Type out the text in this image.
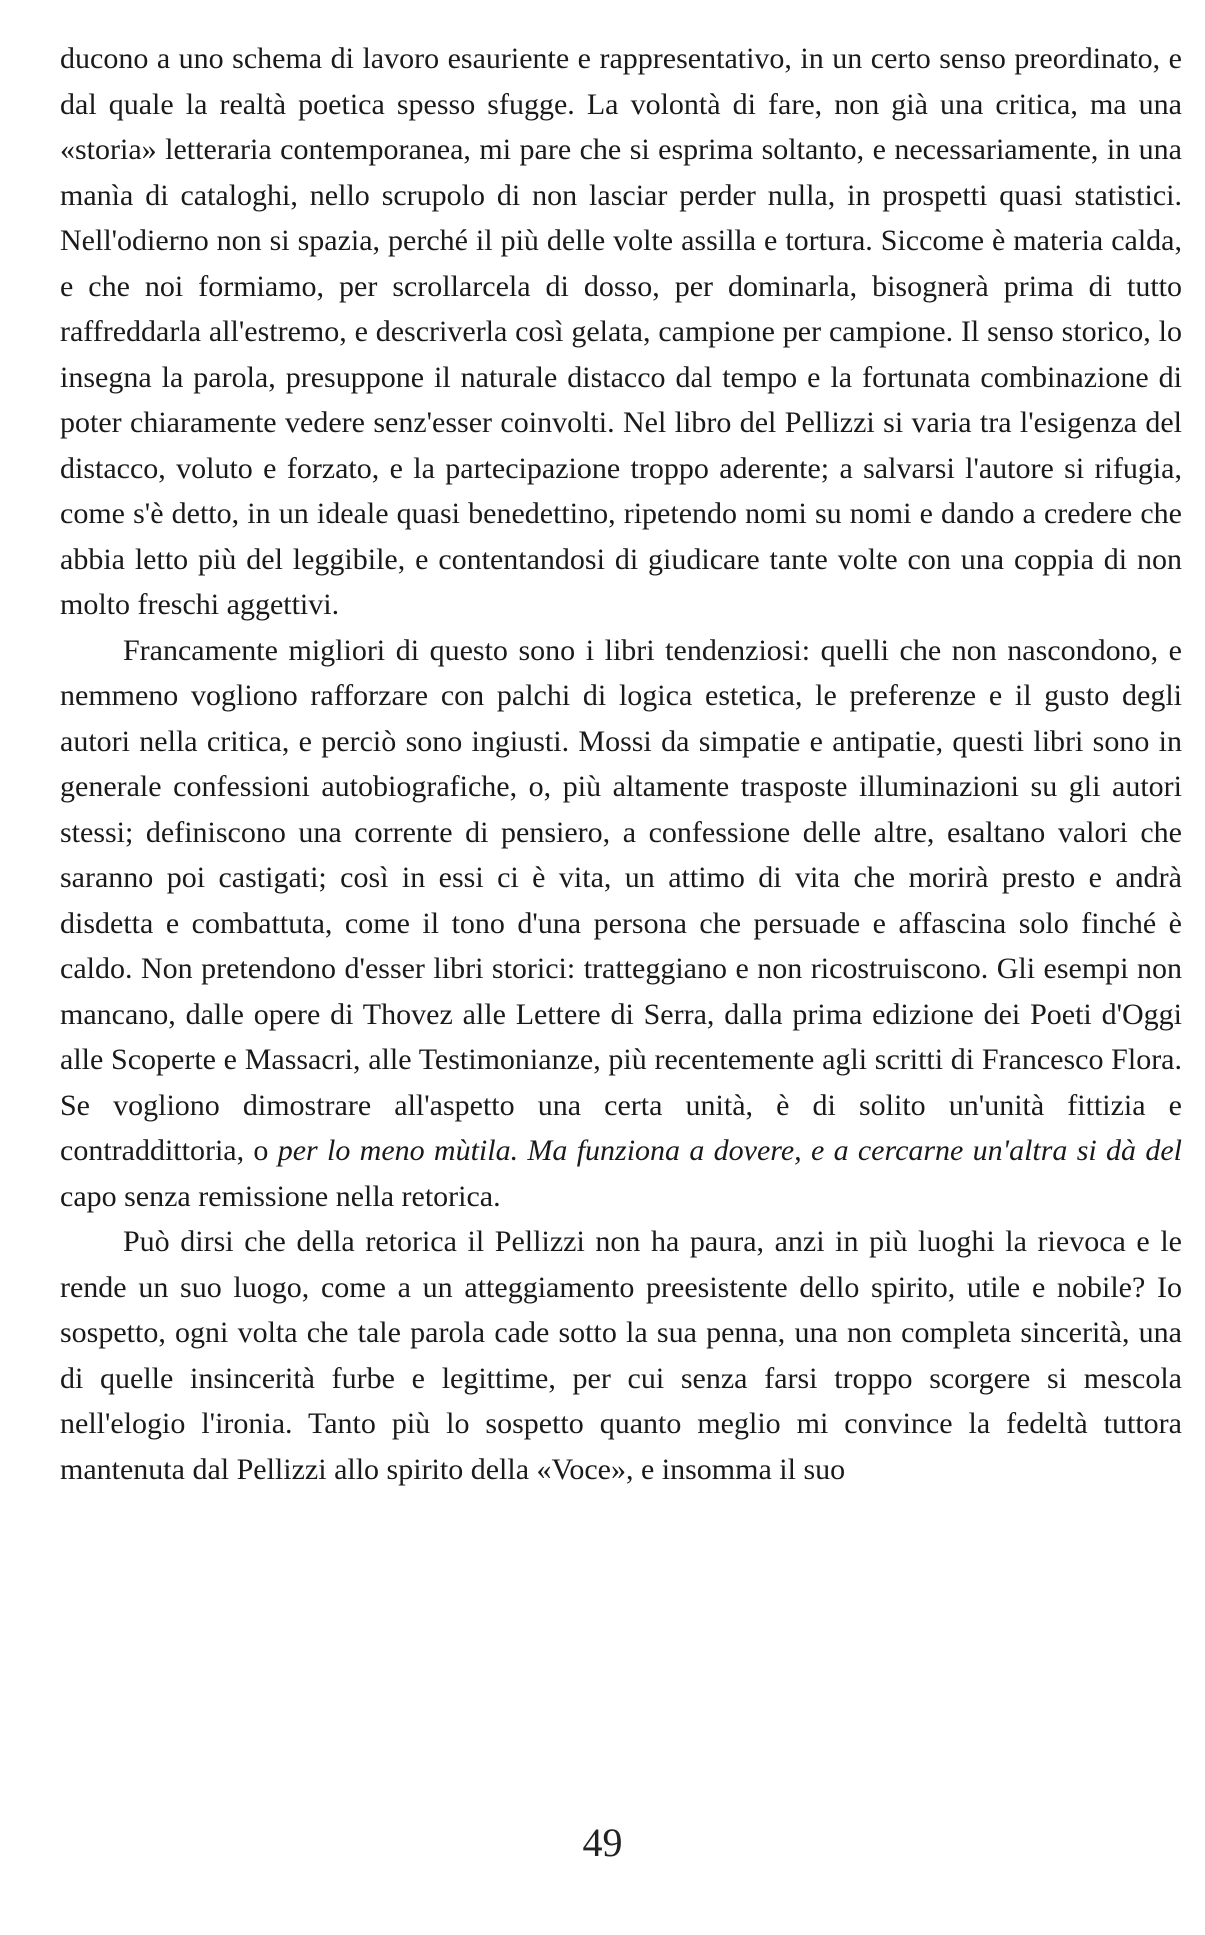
ducono a uno schema di lavoro esauriente e rappresentativo, in un certo senso preordinato, e dal quale la realtà poetica spesso sfugge. La volontà di fare, non già una critica, ma una «storia» letteraria contemporanea, mi pare che si esprima soltanto, e necessariamente, in una manìa di cataloghi, nello scrupolo di non lasciar perder nulla, in prospetti quasi statistici. Nell'odierno non si spazia, perché il più delle volte assilla e tortura. Siccome è materia calda, e che noi formiamo, per scrollarcela di dosso, per dominarla, bisognerà prima di tutto raffreddarla all'estremo, e descriverla così gelata, campione per campione. Il senso storico, lo insegna la parola, presuppone il naturale distacco dal tempo e la fortunata combinazione di poter chiaramente vedere senz'esser coinvolti. Nel libro del Pellizzi si varia tra l'esigenza del distacco, voluto e forzato, e la partecipazione troppo aderente; a salvarsi l'autore si rifugia, come s'è detto, in un ideale quasi benedettino, ripetendo nomi su nomi e dando a credere che abbia letto più del leggibile, e contentandosi di giudicare tante volte con una coppia di non molto freschi aggettivi.

Francamente migliori di questo sono i libri tendenziosi: quelli che non nascondono, e nemmeno vogliono rafforzare con palchi di logica estetica, le preferenze e il gusto degli autori nella critica, e perciò sono ingiusti. Mossi da simpatie e antipatie, questi libri sono in generale confessioni autobiografiche, o, più altamente trasposte illuminazioni su gli autori stessi; definiscono una corrente di pensiero, a confessione delle altre, esaltano valori che saranno poi castigati; così in essi ci è vita, un attimo di vita che morirà presto e andrà disdetta e combattuta, come il tono d'una persona che persuade e affascina solo finché è caldo. Non pretendono d'esser libri storici: tratteggiano e non ricostruiscono. Gli esempi non mancano, dalle opere di Thovez alle Lettere di Serra, dalla prima edizione dei Poeti d'Oggi alle Scoperte e Massacri, alle Testimonianze, più recentemente agli scritti di Francesco Flora. Se vogliono dimostrare all'aspetto una certa unità, è di solito un'unità fittizia e contraddittoria, o per lo meno mùtila. Ma funziona a dovere, e a cercarne un'altra si dà del capo senza remissione nella retorica.

Può dirsi che della retorica il Pellizzi non ha paura, anzi in più luoghi la rievoca e le rende un suo luogo, come a un atteggiamento preesistente dello spirito, utile e nobile? Io sospetto, ogni volta che tale parola cade sotto la sua penna, una non completa sincerità, una di quelle insincerità furbe e legittime, per cui senza farsi troppo scorgere si mescola nell'elogio l'ironia. Tanto più lo sospetto quanto meglio mi convince la fedeltà tuttora mantenuta dal Pellizzi allo spirito della «Voce», e insomma il suo

49
